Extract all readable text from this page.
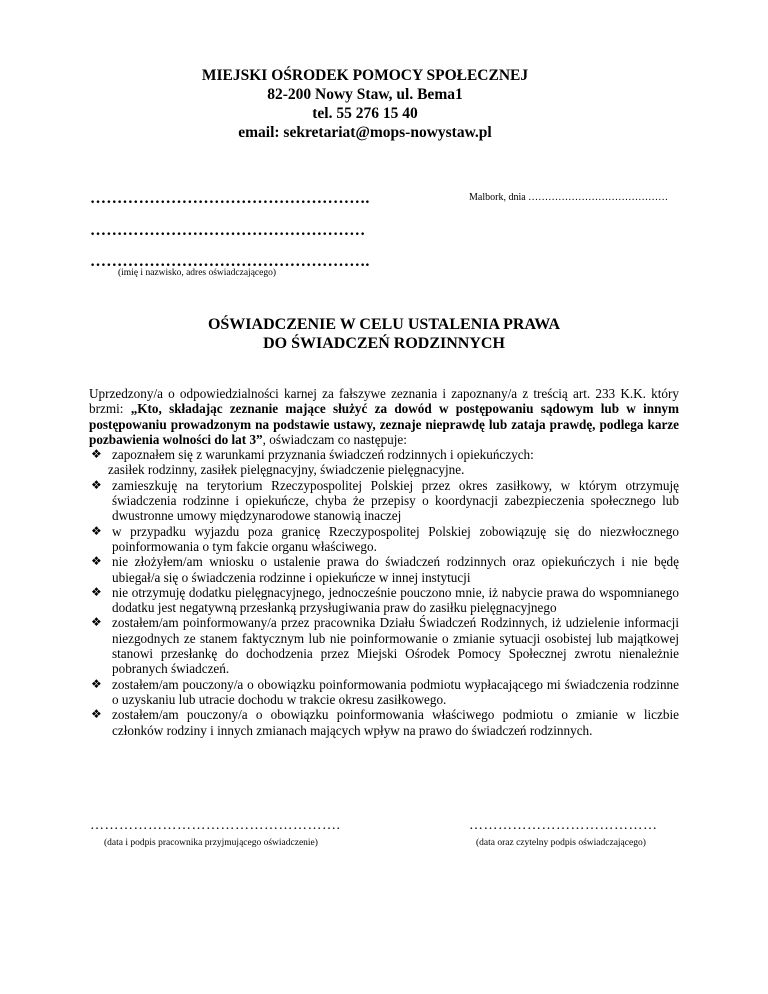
MIEJSKI OŚRODEK POMOCY SPOŁECZNEJ
82-200 Nowy Staw, ul. Bema1
tel. 55 276 15 40
email: sekretariat@mops-nowystaw.pl
…………………………………………….	Malbork, dnia ……………………………………
……………………………………………
…………………………………………….
(imię i nazwisko, adres oświadczającego)
OŚWIADCZENIE W CELU USTALENIA PRAWA
DO ŚWIADCZEŃ RODZINNYCH

Uprzedzony/a o odpowiedzialności karnej za fałszywe zeznania i zapoznany/a z treścią art. 233 K.K. który brzmi: „Kto, składając zeznanie mające służyć za dowód w postępowaniu sądowym lub w innym postępowaniu prowadzonym na podstawie ustawy, zeznaje nieprawdę lub zataja prawdę, podlega karze pozbawienia wolności do lat 3”, oświadczam co następuje:

❖ zapoznałem się z warunkami przyznania świadczeń rodzinnych i opiekuńczych:
zasiłek rodzinny, zasiłek pielęgnacyjny, świadczenie pielęgnacyjne.
❖ zamieszkuję na terytorium Rzeczypospolitej Polskiej przez okres zasiłkowy, w którym otrzymuję świadczenia rodzinne i opiekuńcze, chyba że przepisy o koordynacji zabezpieczenia społecznego lub dwustronne umowy międzynarodowe stanowią inaczej
❖ w przypadku wyjazdu poza granicę Rzeczypospolitej Polskiej zobowiązuję się do niezwłocznego poinformowania o tym fakcie organu właściwego.
❖ nie złożyłem/am wniosku o ustalenie prawa do świadczeń rodzinnych oraz opiekuńczych i nie będę ubiegał/a się o świadczenia rodzinne i opiekuńcze w innej instytucji
❖ nie otrzymuję dodatku pielęgnacyjnego, jednocześnie pouczono mnie, iż nabycie prawa do wspomnianego dodatku jest negatywną przesłanką przysługiwania praw do zasiłku pielęgnacyjnego
❖ zostałem/am poinformowany/a przez pracownika Działu Świadczeń Rodzinnych, iż udzielenie informacji niezgodnych ze stanem faktycznym lub nie poinformowanie o zmianie sytuacji osobistej lub majątkowej stanowi przesłankę do dochodzenia przez Miejski Ośrodek Pomocy Społecznej zwrotu nienależnie pobranych świadczeń.
❖ zostałem/am pouczony/a o obowiązku poinformowania podmiotu wypłacającego mi świadczenia rodzinne o uzyskaniu lub utracie dochodu w trakcie okresu zasiłkowego.
❖ zostałem/am pouczony/a o obowiązku poinformowania właściwego podmiotu o zmianie w liczbie członków rodziny i innych zmianach mających wpływ na prawo do świadczeń rodzinnych.
…………………………………………….
(data i podpis pracownika przyjmującego oświadczenie)
…………………………………
(data oraz czytelny podpis oświadczającego)
